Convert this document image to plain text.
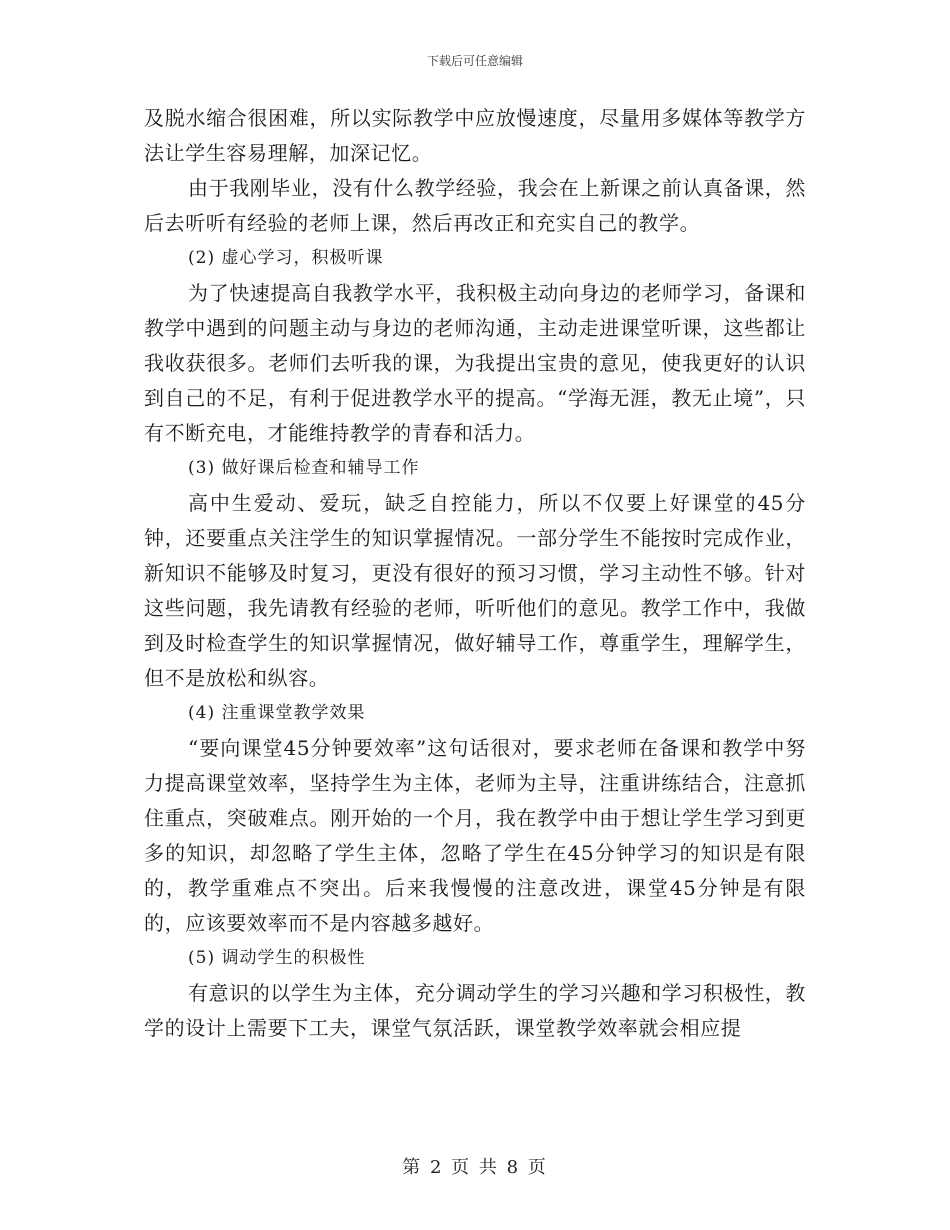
下载后可任意编辑

及脱水缩合很困难，所以实际教学中应放慢速度，尽量用多媒体等教学方法让学生容易理解，加深记忆。

由于我刚毕业，没有什么教学经验，我会在上新课之前认真备课，然后去听听有经验的老师上课，然后再改正和充实自己的教学。

(2) 虚心学习，积极听课

为了快速提高自我教学水平，我积极主动向身边的老师学习，备课和教学中遇到的问题主动与身边的老师沟通，主动走进课堂听课，这些都让我收获很多。老师们去听我的课，为我提出宝贵的意见，使我更好的认识到自己的不足，有利于促进教学水平的提高。“学海无涯，教无止境”，只有不断充电，才能维持教学的青春和活力。

(3) 做好课后检查和辅导工作

高中生爱动、爱玩，缺乏自控能力，所以不仅要上好课堂的45分钟，还要重点关注学生的知识掌握情况。一部分学生不能按时完成作业，新知识不能够及时复习，更没有很好的预习习惯，学习主动性不够。针对这些问题，我先请教有经验的老师，听听他们的意见。教学工作中，我做到及时检查学生的知识掌握情况，做好辅导工作，尊重学生，理解学生，但不是放松和纵容。

(4) 注重课堂教学效果

“要向课堂45分钟要效率”这句话很对，要求老师在备课和教学中努力提高课堂效率，坚持学生为主体，老师为主导，注重讲练结合，注意抓住重点，突破难点。刚开始的一个月，我在教学中由于想让学生学习到更多的知识，却忽略了学生主体，忽略了学生在45分钟学习的知识是有限的，教学重难点不突出。后来我慢慢的注意改进，课堂45分钟是有限的，应该要效率而不是内容越多越好。

(5) 调动学生的积极性

有意识的以学生为主体，充分调动学生的学习兴趣和学习积极性，教学的设计上需要下工夫，课堂气氛活跃，课堂教学效率就会相应提

第 2 页 共 8 页
